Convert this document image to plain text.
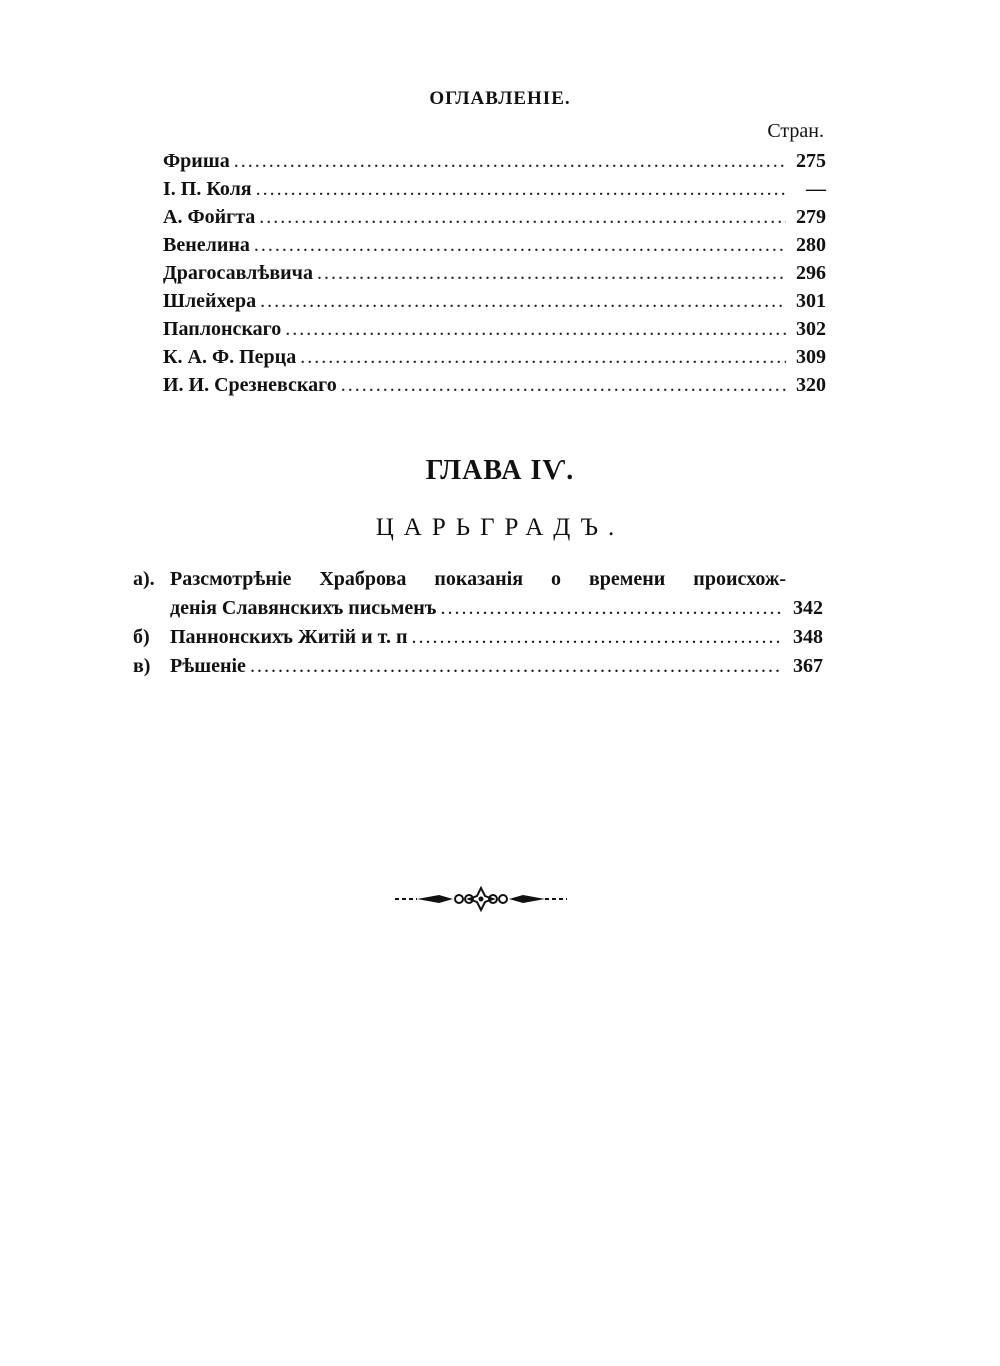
ОГЛАВЛЕНІЕ.
Стран.
Фриша .....	275
І. П. Коля .....	—
А. Фойгта .....	279
Венелина .....	280
Драгосавлѣвича .....	296
Шлейхера .....	301
Паплонскаго .....	302
К. А. Ф. Перца .....	309
И. И. Срезневскаго .....	320
ГЛАВА ІѴ.
ЦАРЬГРАДЪ.
а). Разсмотрѣніе Храброва показанія о времени происхож-
денія Славянскихъ письменъ .....	342
б)	Паннонскихъ Житій и т. п .....	348
в) Рѣшеніе .....	367
